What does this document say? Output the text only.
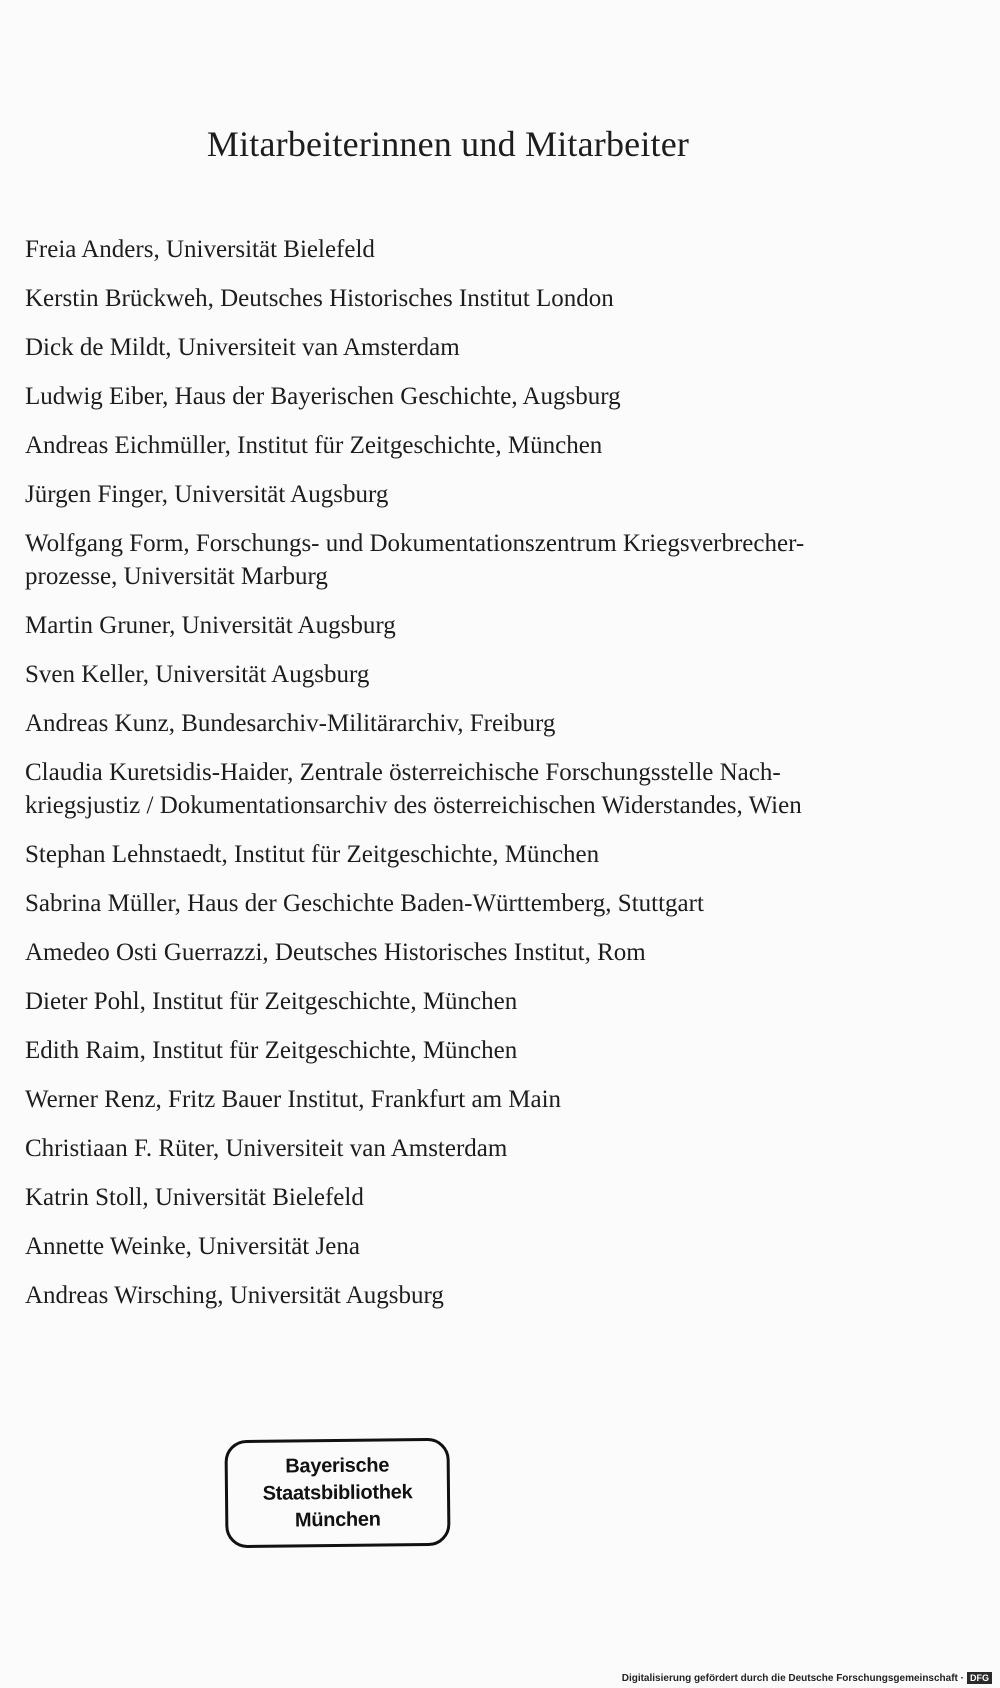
Mitarbeiterinnen und Mitarbeiter
Freia Anders, Universität Bielefeld
Kerstin Brückweh, Deutsches Historisches Institut London
Dick de Mildt, Universiteit van Amsterdam
Ludwig Eiber, Haus der Bayerischen Geschichte, Augsburg
Andreas Eichmüller, Institut für Zeitgeschichte, München
Jürgen Finger, Universität Augsburg
Wolfgang Form, Forschungs- und Dokumentationszentrum Kriegsverbrecher-
prozesse, Universität Marburg
Martin Gruner, Universität Augsburg
Sven Keller, Universität Augsburg
Andreas Kunz, Bundesarchiv-Militärarchiv, Freiburg
Claudia Kuretsidis-Haider, Zentrale österreichische Forschungsstelle Nach-
kriegsjustiz / Dokumentationsarchiv des österreichischen Widerstandes, Wien
Stephan Lehnstaedt, Institut für Zeitgeschichte, München
Sabrina Müller, Haus der Geschichte Baden-Württemberg, Stuttgart
Amedeo Osti Guerrazzi, Deutsches Historisches Institut, Rom
Dieter Pohl, Institut für Zeitgeschichte, München
Edith Raim, Institut für Zeitgeschichte, München
Werner Renz, Fritz Bauer Institut, Frankfurt am Main
Christiaan F. Rüter, Universiteit van Amsterdam
Katrin Stoll, Universität Bielefeld
Annette Weinke, Universität Jena
Andreas Wirsching, Universität Augsburg
Bayerische
Staatsbibliothek
München
Digitalisierung gefördert durch die Deutsche Forschungsgemeinschaft · DFG
